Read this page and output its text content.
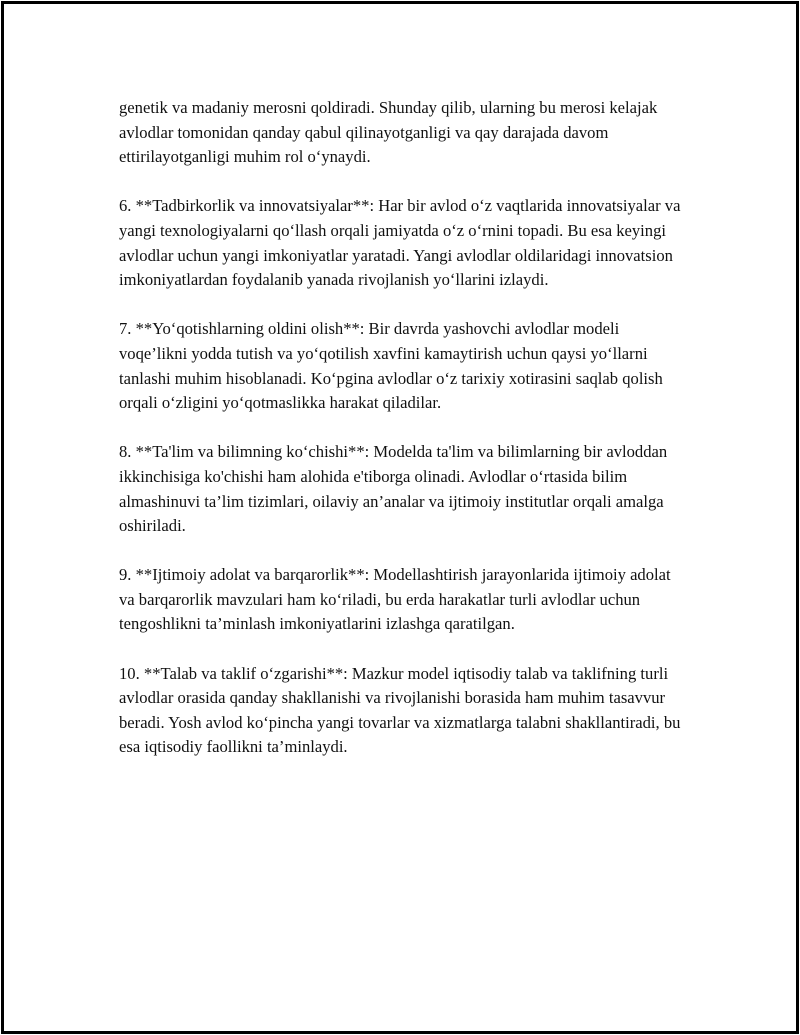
genetik va madaniy merosni qoldiradi. Shunday qilib, ularning bu merosi kelajak avlodlar tomonidan qanday qabul qilinayotganligi va qay darajada davom ettirilayotganligi muhim rol o‘ynaydi.

6. **Tadbirkorlik va innovatsiyalar**: Har bir avlod o‘z vaqtlarida innovatsiyalar va yangi texnologiyalarni qo‘llash orqali jamiyatda o‘z o‘rnini topadi. Bu esa keyingi avlodlar uchun yangi imkoniyatlar yaratadi. Yangi avlodlar oldilaridagi innovatsion imkoniyatlardan foydalanib yanada rivojlanish yo‘llarini izlaydi.

7. **Yo‘qotishlarning oldini olish**: Bir davrda yashovchi avlodlar modeli voqe’likni yodda tutish va yo‘qotilish xavfini kamaytirish uchun qaysi yo‘llarni tanlashi muhim hisoblanadi. Ko‘pgina avlodlar o‘z tarixiy xotirasini saqlab qolish orqali o‘zligini yo‘qotmaslikka harakat qiladilar.

8. **Ta'lim va bilimning ko‘chishi**: Modelda ta'lim va bilimlarning bir avloddan ikkinchisiga ko'chishi ham alohida e'tiborga olinadi. Avlodlar o‘rtasida bilim almashinuvi ta’lim tizimlari, oilaviy an’analar va ijtimoiy institutlar orqali amalga oshiriladi.

9. **Ijtimoiy adolat va barqarorlik**: Modellashtirish jarayonlarida ijtimoiy adolat va barqarorlik mavzulari ham ko‘riladi, bu erda harakatlar turli avlodlar uchun tengoshlikni ta’minlash imkoniyatlarini izlashga qaratilgan.

10. **Talab va taklif o‘zgarishi**: Mazkur model iqtisodiy talab va taklifning turli avlodlar orasida qanday shakllanishi va rivojlanishi borasida ham muhim tasavvur beradi. Yosh avlod ko‘pincha yangi tovarlar va xizmatlarga talabni shakllantiradi, bu esa iqtisodiy faollikni ta’minlaydi.
